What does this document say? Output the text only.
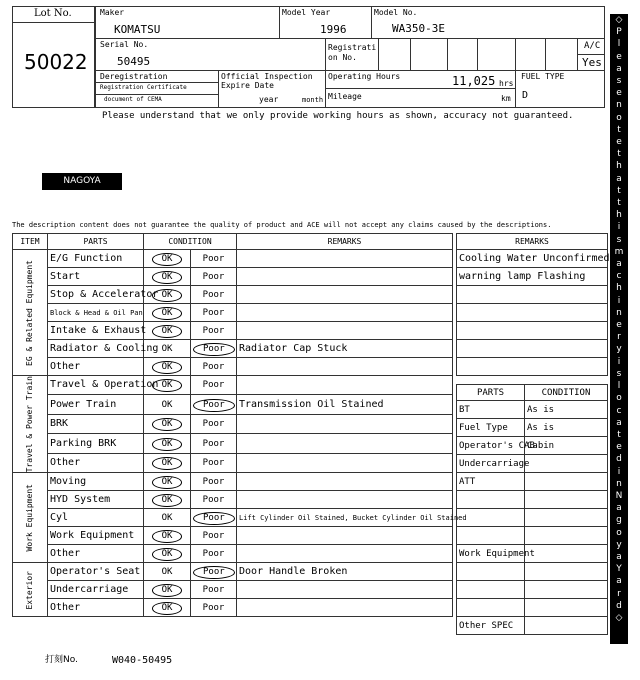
Lot No.
50022
Maker
KOMATSU
Model Year
1996
Model No.
WA350-3E
Serial No.
50495
Registrati
on No.
A/C
Yes
Deregistration
Registration Certificate
document of CEMA
Official Inspection
Expire Date
year	month
Operating Hours	11,025 hrs
Mileage	km
FUEL TYPE
D
Please understand that we only provide working hours as shown, accuracy not guaranteed.
NAGOYA
The description content does not guarantee the quality of product and ACE will not accept any claims caused by the descriptions.
ITEM	PARTS	CONDITION		REMARKS

EG & Related Equipment	E/G Function	OK	Poor	
	Start	OK	Poor	
	Stop & Accelerator	OK	Poor	
	Block & Head & Oil Pan	OK	Poor	
	Intake & Exhaust	OK	Poor	
	Radiator & Cooling	OK	Poor	Radiator Cap Stuck
	Other	OK	Poor	

Travel & Power Train	Travel & Operation	OK	Poor	
	Power Train	OK	Poor	Transmission Oil Stained
	BRK	OK	Poor	
	Parking BRK	OK	Poor	
	Other	OK	Poor	

Work Equipment	Moving	OK	Poor	
	HYD System	OK	Poor	
	Cyl	OK	Poor	Lift Cylinder Oil Stained, Bucket Cylinder Oil Stained
	Work Equipment	OK	Poor	
	Other	OK	Poor	

Exterior	Operator's Seat	OK	Poor	Door Handle Broken
	Undercarriage	OK	Poor	
	Other	OK	Poor	
REMARKS
Cooling Water Unconfirmed
warning lamp Flashing

PARTS	CONDITION
BT	As is
Fuel Type	As is
Operator's CAB	Cabin
Undercarriage	
ATT	

Work Equipment	

Other SPEC	
打刻No.	W040-50495
◇
P
l
e
a
s
e
n
o
t
e
t
h
a
t
t
h
i
s
m
a
c
h
i
n
e
r
y
i
s
l
o
c
a
t
e
d
i
n
N
a
g
o
y
a
Y
a
r
d
◇
